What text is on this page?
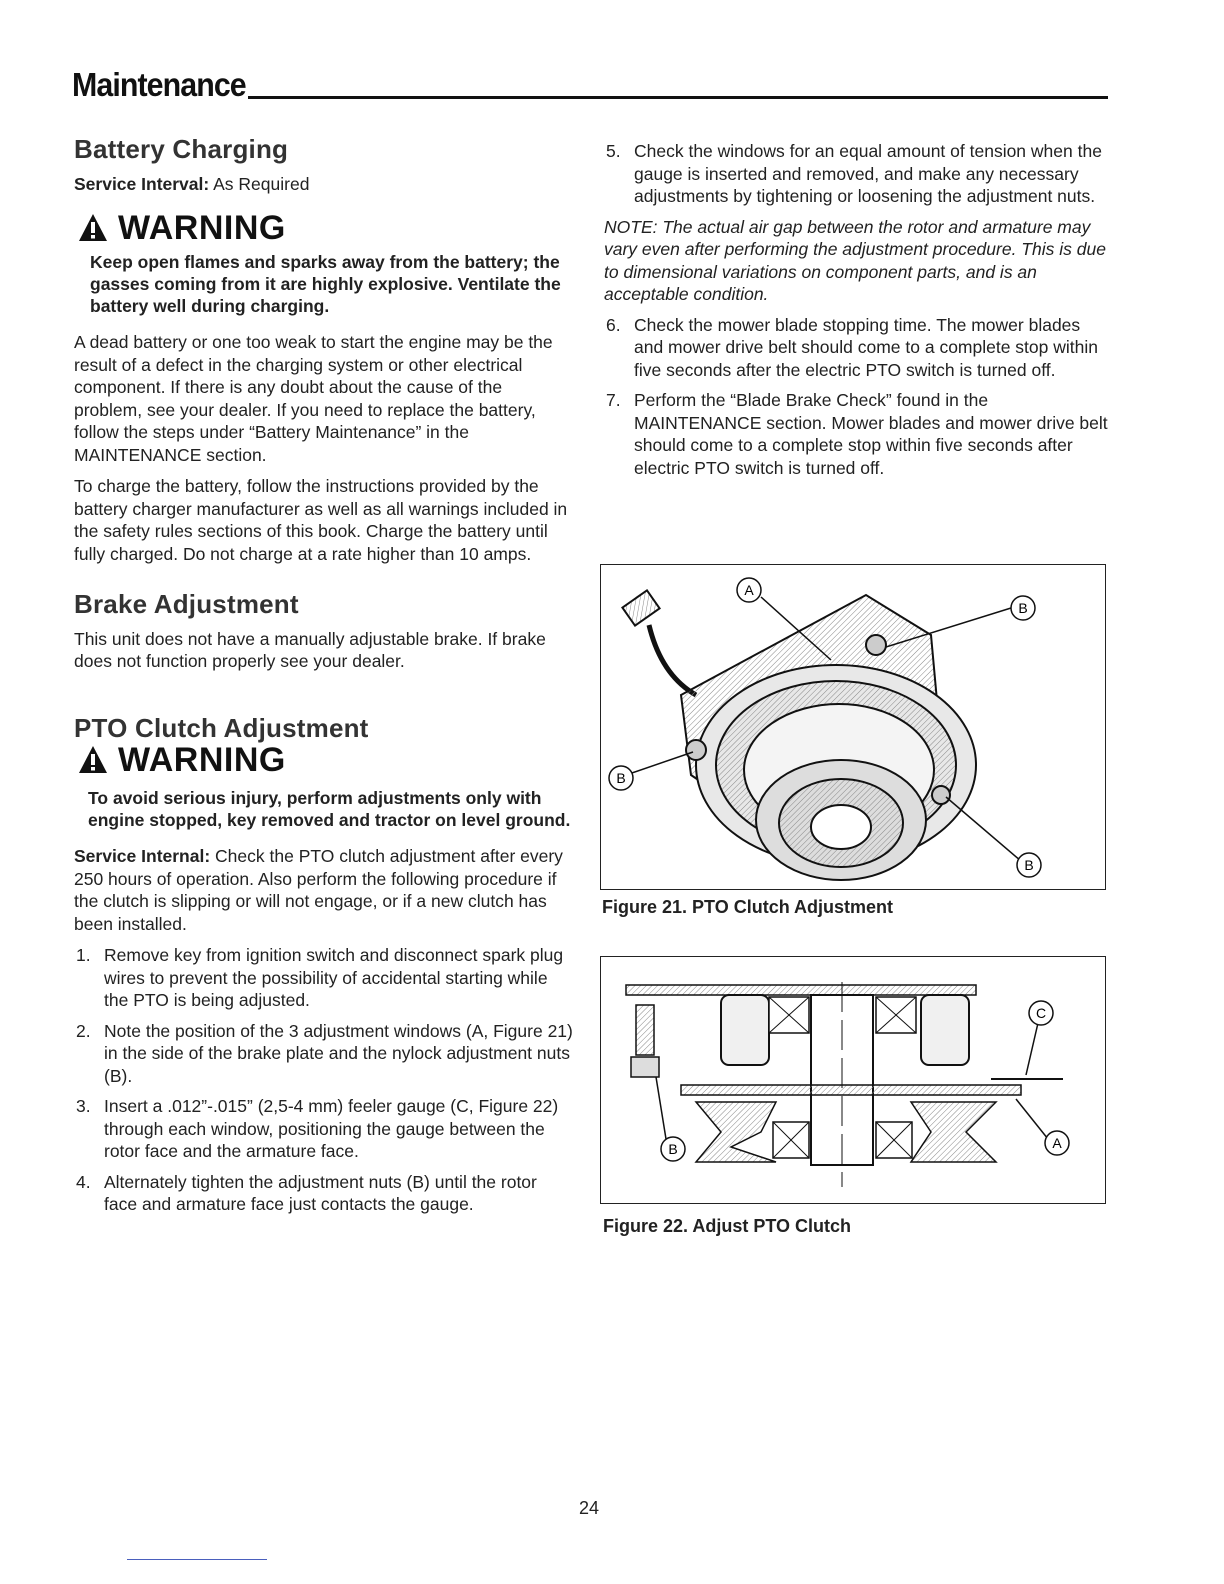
Maintenance
Battery Charging
Service Interval: As Required
WARNING
Keep open flames and sparks away from the battery; the gasses coming from it are highly explosive. Ventilate the battery well during charging.

A dead battery or one too weak to start the engine may be the result of a defect in the charging system or other electrical component. If there is any doubt about the cause of the problem, see your dealer. If you need to replace the battery, follow the steps under “Battery Maintenance” in the MAINTENANCE section.

To charge the battery, follow the instructions provided by the battery charger manufacturer as well as all warnings included in the safety rules sections of this book. Charge the battery until fully charged. Do not charge at a rate higher than 10 amps.

Brake Adjustment

This unit does not have a manually adjustable brake. If brake does not function properly see your dealer.

PTO Clutch Adjustment
WARNING
To avoid serious injury, perform adjustments only with engine stopped, key removed and tractor on level ground.

Service Internal: Check the PTO clutch adjustment after every 250 hours of operation. Also perform the following procedure if the clutch is slipping or will not engage, or if a new clutch has been installed.

1. Remove key from ignition switch and disconnect spark plug wires to prevent the possibility of accidental starting while the PTO is being adjusted.
2. Note the position of the 3 adjustment windows (A, Figure 21) in the side of the brake plate and the nylock adjustment nuts (B).
3. Insert a .012”-.015” (2,5-4 mm) feeler gauge (C, Figure 22) through each window, positioning the gauge between the rotor face and the armature face.
4. Alternately tighten the adjustment nuts (B) until the rotor face and armature face just contacts the gauge.
5. Check the windows for an equal amount of tension when the gauge is inserted and removed, and make any necessary adjustments by tightening or loosening the adjustment nuts.

NOTE: The actual air gap between the rotor and armature may vary even after performing the adjustment procedure. This is due to dimensional variations on component parts, and is an acceptable condition.

6. Check the mower blade stopping time. The mower blades and mower drive belt should come to a complete stop within five seconds after the electric PTO switch is turned off.
7. Perform the “Blade Brake Check” found in the MAINTENANCE section. Mower blades and mower drive belt should come to a complete stop within five seconds after electric PTO switch is turned off.
A
B
B
B
Figure 21. PTO Clutch Adjustment
C
B	A
Figure 22. Adjust PTO Clutch
24
